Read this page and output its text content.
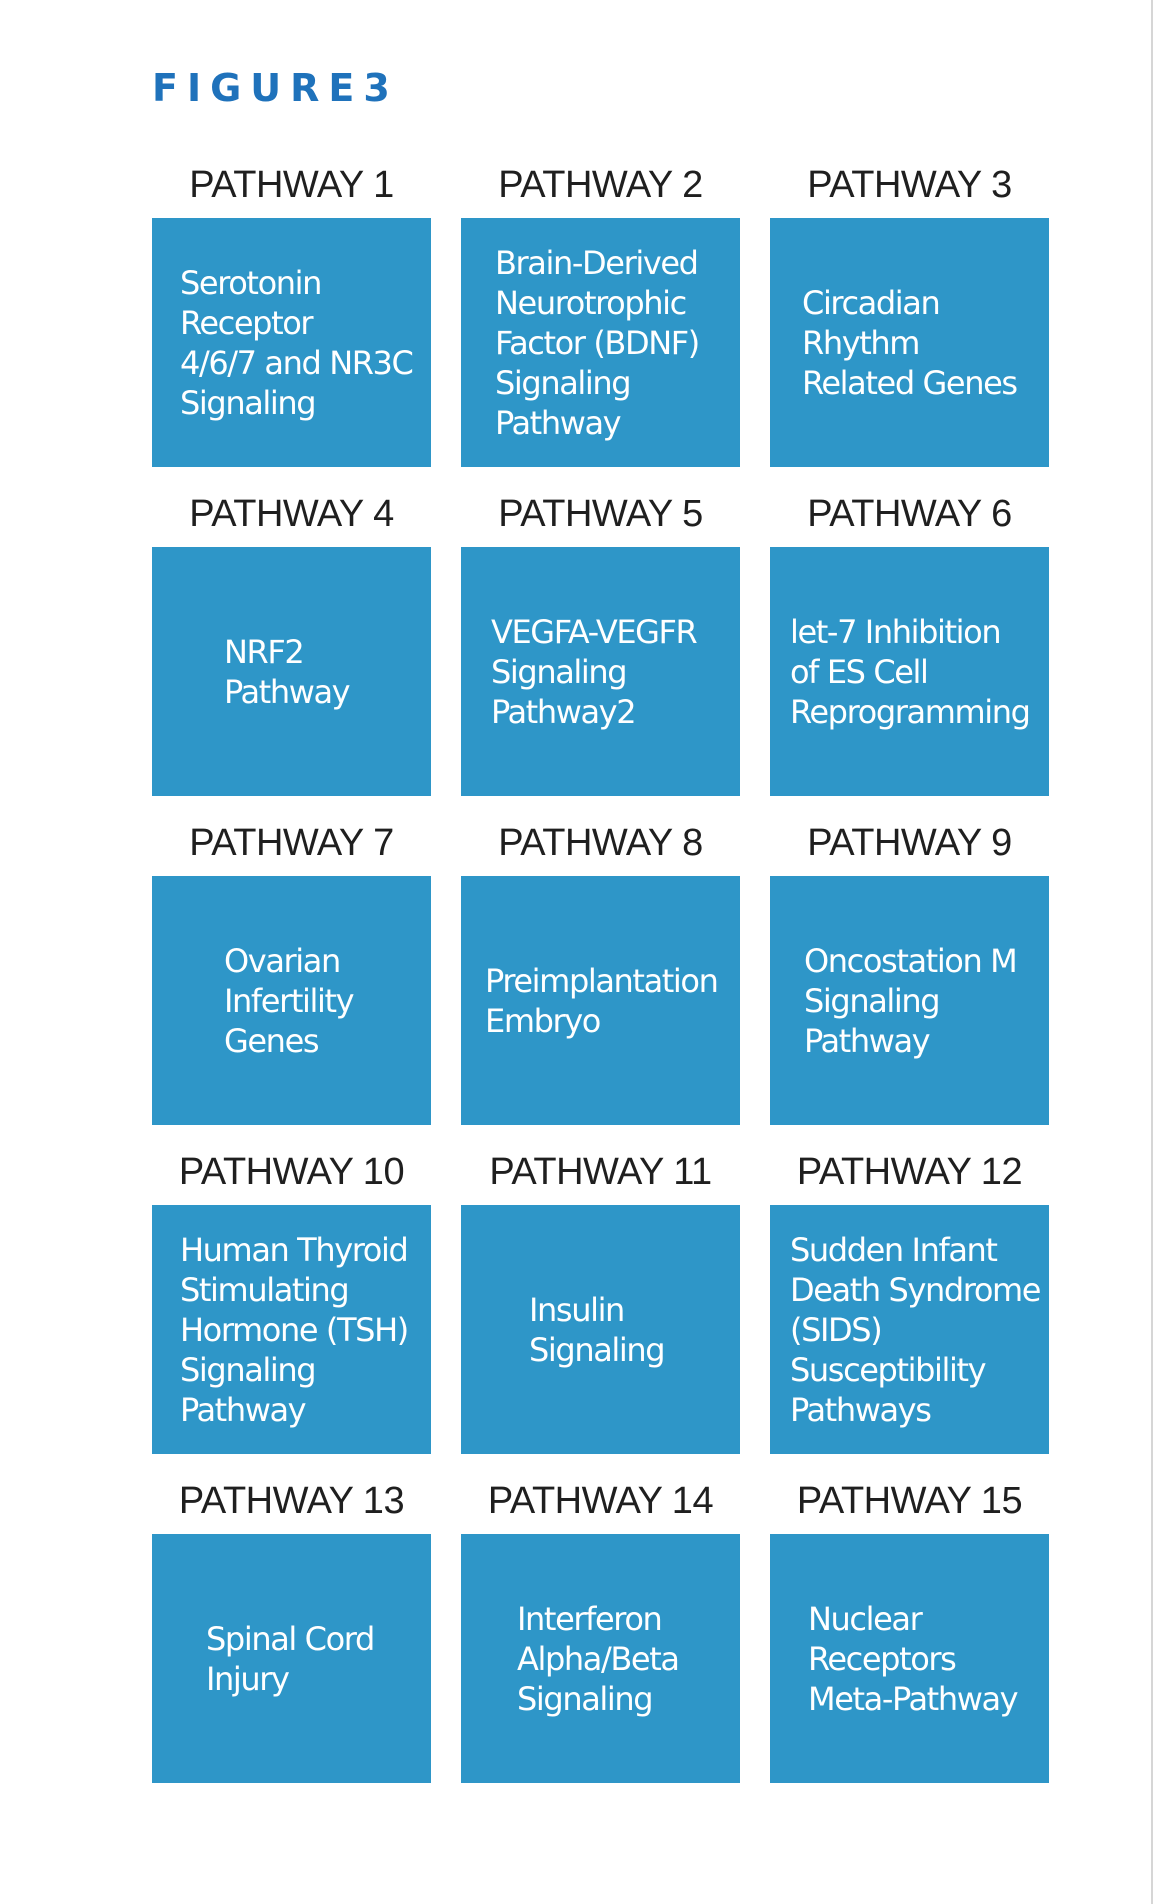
FIGURE3
PATHWAY 1
Serotonin
Receptor
4/6/7 and NR3C
Signaling
PATHWAY 2
Brain-Derived
Neurotrophic
Factor (BDNF)
Signaling
Pathway
PATHWAY 3
Circadian
Rhythm
Related Genes
PATHWAY 4
NRF2
Pathway
PATHWAY 5
VEGFA-VEGFR
Signaling
Pathway2
PATHWAY 6
let-7 Inhibition
of ES Cell
Reprogramming
PATHWAY 7
Ovarian
Infertility
Genes
PATHWAY 8
Preimplantation
Embryo
PATHWAY 9
Oncostation M
Signaling
Pathway
PATHWAY 10
Human Thyroid
Stimulating
Hormone (TSH)
Signaling
Pathway
PATHWAY 11
Insulin
Signaling
PATHWAY 12
Sudden Infant
Death Syndrome
(SIDS)
Susceptibility
Pathways
PATHWAY 13
Spinal Cord
Injury
PATHWAY 14
Interferon
Alpha/Beta
Signaling
PATHWAY 15
Nuclear
Receptors
Meta-Pathway
